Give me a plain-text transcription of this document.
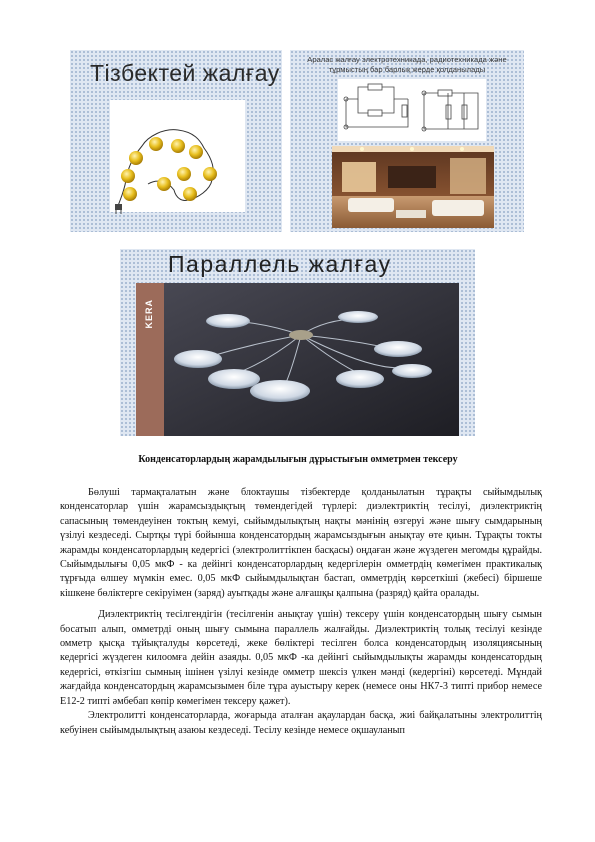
Тізбектей жалғау
Аралас жалғау электротехникада, радиотехникада және тұрмыстың бар барлық жерде қолданылады
Параллель жалғау
KERA
Конденсаторлардың жарамдылығын дұрыстығын омметрмен тексеру

Бөлуші тармақталатын және блоктаушы тізбектерде қолданылатын тұрақты сыйымдылық конденсаторлар үшін жарамсыздықтың төмендегідей түрлері: диэлектриктің тесілуі, диэлектриктің сапасының төмендеуінен токтың кемуі, сыйымдылықтың нақты мәнінің өзгеруі және шығу сымдарының үзілуі кездеседі. Сыртқы түрі бойынша конденсатордың жарамсыздығын анықтау өте қиын. Тұрақты токты жарамды конденсаторлардың кедергісі (электролиттікпен басқасы) оңдаған және жүздеген мегомды құрайды. Сыйымдылығы 0,05 мкФ - ка дейінгі конденсаторлардың кедергілерін омметрдің көмегімен практикалық тұрғыда өлшеу мүмкін емес. 0,05 мкФ сыйымдылықтан бастап, омметрдің көрсеткіші (жебесі) біршеше кішкене бөліктерге секіруімен (заряд) ауытқады және алғашқы қалпына (разряд) қайта оралады.

Диэлектриктің тесілгендігін (тесілгенін анықтау үшін) тексеру үшін конденсатордың шығу сымын босатып алып, омметрді оның шығу сымына параллель жалғайды. Диэлектриктің толық тесілуі кезінде омметр қысқа тұйықталуды көрсетеді, жеке бөліктері тесілген болса конденсатордың изоляциясының кедергісі жүздеген килоомға дейін азаяды. 0,05 мкФ -ка дейінгі сыйымдылықты жарамды конденсатордың кедергісі, өткізгіш сымның ішінен үзілуі кезінде омметр шексіз үлкен мәнді (кедергіні) көрсетеді. Мұндай жағдайда конденсатордың жарамсызымен біле тұра ауыстыру керек (немесе оны НК7-3 типті прибор немесе Е12-2 типті әмбебап көпір көмегімен тексеру қажет).

Электролитті конденсаторларда, жоғарыда аталған ақаулардан басқа, жиі байқалатыны электролиттің кебуінен сыйымдылықтың азаюы кездеседі. Тесілу кезінде немесе оқшауланып
